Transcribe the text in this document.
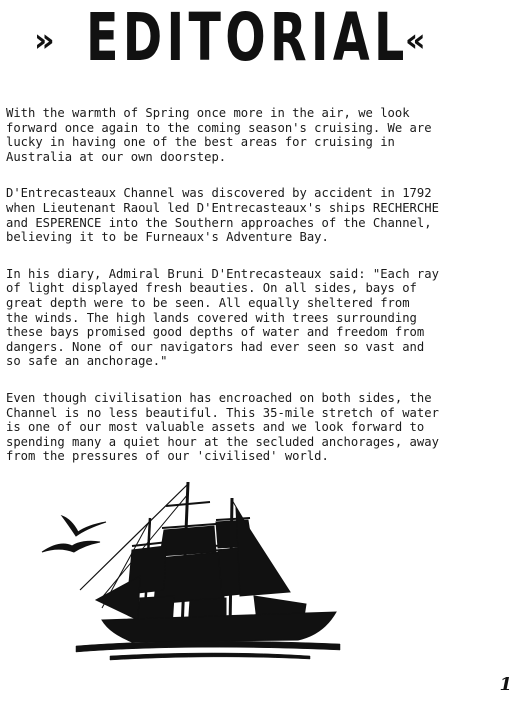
» EDITORIAL
«

With the warmth of Spring once more in the air, we look
forward once again to the coming season's cruising. We are
lucky in having one of the best areas for cruising in
Australia at our own doorstep.

D'Entrecasteaux Channel was discovered by accident in 1792
when Lieutenant Raoul led D'Entrecasteaux's ships RECHERCHE
and ESPERENCE into the Southern approaches of the Channel,
believing it to be Furneaux's Adventure Bay.

In his diary, Admiral Bruni D'Entrecasteaux said: "Each ray
of light displayed fresh beauties. On all sides, bays of
great depth were to be seen. All equally sheltered from
the winds. The high lands covered with trees surrounding
these bays promised good depths of water and freedom from
dangers. None of our navigators had ever seen so vast and
so safe an anchorage."

Even though civilisation has encroached on both sides, the
Channel is no less beautiful. This 35-mile stretch of water
is one of our most valuable assets and we look forward to
spending many a quiet hour at the secluded anchorages, away
from the pressures of our 'civilised' world.

1
